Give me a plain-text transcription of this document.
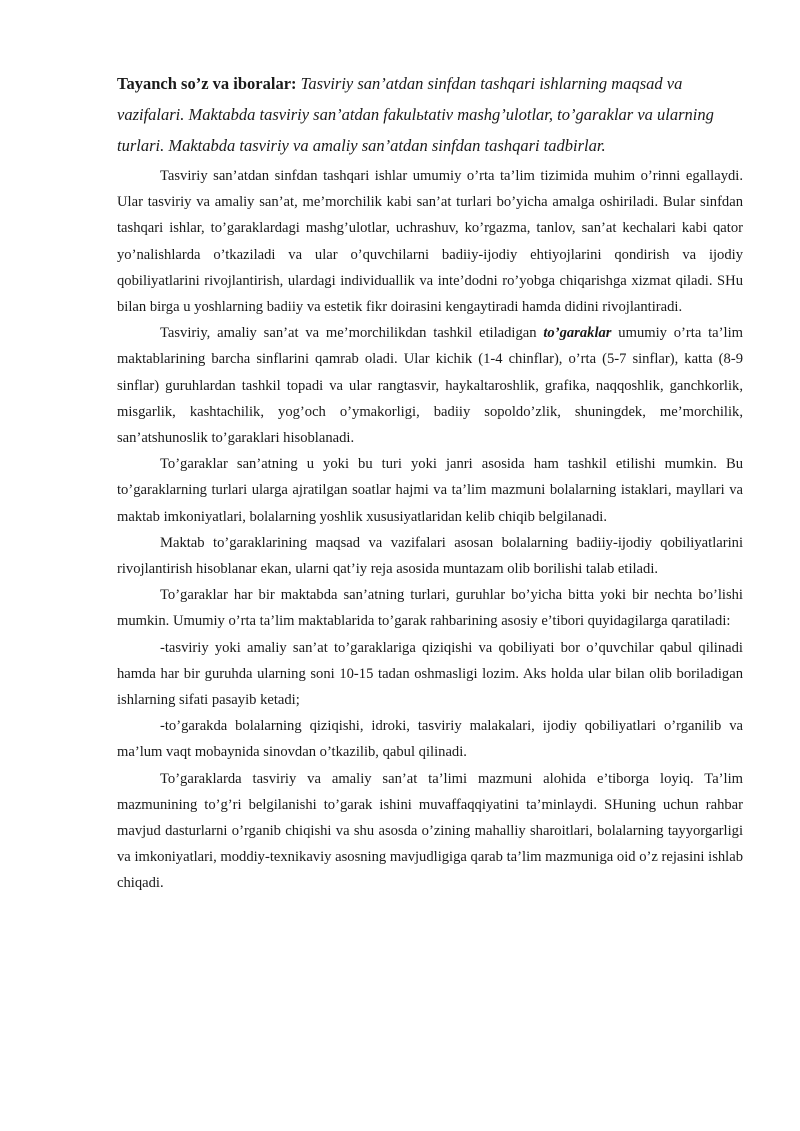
Tayanch so’z va iboralar: Tasviriy san’atdan sinfdan tashqari ishlarning maqsad va vazifalari. Maktabda tasviriy san’atdan fakulьtativ mashg’ulotlar, to’garaklar va ularning turlari. Maktabda tasviriy va amaliy san’atdan sinfdan tashqari tadbirlar.

Tasviriy san’atdan sinfdan tashqari ishlar umumiy o’rta ta’lim tizimida muhim o’rinni egallaydi. Ular tasviriy va amaliy san’at, me’morchilik kabi san’at turlari bo’yicha amalga oshiriladi. Bular sinfdan tashqari ishlar, to’garaklardagi mashg’ulotlar, uchrashuv, ko’rgazma, tanlov, san’at kechalari kabi qator yo’nalishlarda o’tkaziladi va ular o’quvchilarni badiiy-ijodiy ehtiyojlarini qondirish va ijodiy qobiliyatlarini rivojlantirish, ulardagi individuallik va inte’dodni ro’yobga chiqarishga xizmat qiladi. SHu bilan birga u yoshlarning badiiy va estetik fikr doirasini kengaytiradi hamda didini rivojlantiradi.

Tasviriy, amaliy san’at va me’morchilikdan tashkil etiladigan to’garaklar umumiy o’rta ta’lim maktablarining barcha sinflarini qamrab oladi. Ular kichik (1-4 chinflar), o’rta (5-7 sinflar), katta (8-9 sinflar) guruhlardan tashkil topadi va ular rangtasvir, haykaltaroshlik, grafika, naqqoshlik, ganchkorlik, misgarlik, kashtachilik, yog’och o’ymakorligi, badiiy sopoldo’zlik, shuningdek, me’morchilik, san’atshunoslik to’garaklari hisoblanadi.

To’garaklar san’atning u yoki bu turi yoki janri asosida ham tashkil etilishi mumkin. Bu to’garaklarning turlari ularga ajratilgan soatlar hajmi va ta’lim mazmuni bolalarning istaklari, mayllari va maktab imkoniyatlari, bolalarning yoshlik xususiyatlaridan kelib chiqib belgilanadi.

Maktab to’garaklarining maqsad va vazifalari asosan bolalarning badiiy-ijodiy qobiliyatlarini rivojlantirish hisoblanar ekan, ularni qat’iy reja asosida muntazam olib borilishi talab etiladi.

To’garaklar har bir maktabda san’atning turlari, guruhlar bo’yicha bitta yoki bir nechta bo’lishi mumkin. Umumiy o’rta ta’lim maktablarida to’garak rahbarining asosiy e’tibori quyidagilarga qaratiladi:

-tasviriy yoki amaliy san’at to’garaklariga qiziqishi va qobiliyati bor o’quvchilar qabul qilinadi hamda har bir guruhda ularning soni 10-15 tadan oshmasligi lozim. Aks holda ular bilan olib boriladigan ishlarning sifati pasayib ketadi;

-to’garakda bolalarning qiziqishi, idroki, tasviriy malakalari, ijodiy qobiliyatlari o’rganilib va ma’lum vaqt mobaynida sinovdan o’tkazilib, qabul qilinadi.

To’garaklarda tasviriy va amaliy san’at ta’limi mazmuni alohida e’tiborga loyiq. Ta’lim mazmunining to’g’ri belgilanishi to’garak ishini muvaffaqqiyatini ta’minlaydi. SHuning uchun rahbar mavjud dasturlarni o’rganib chiqishi va shu asosda o’zining mahalliy sharoitlari, bolalarning tayyorgarligi va imkoniyatlari, moddiy-texnikaviy asosning mavjudligiga qarab ta’lim mazmuniga oid o’z rejasini ishlab chiqadi.
